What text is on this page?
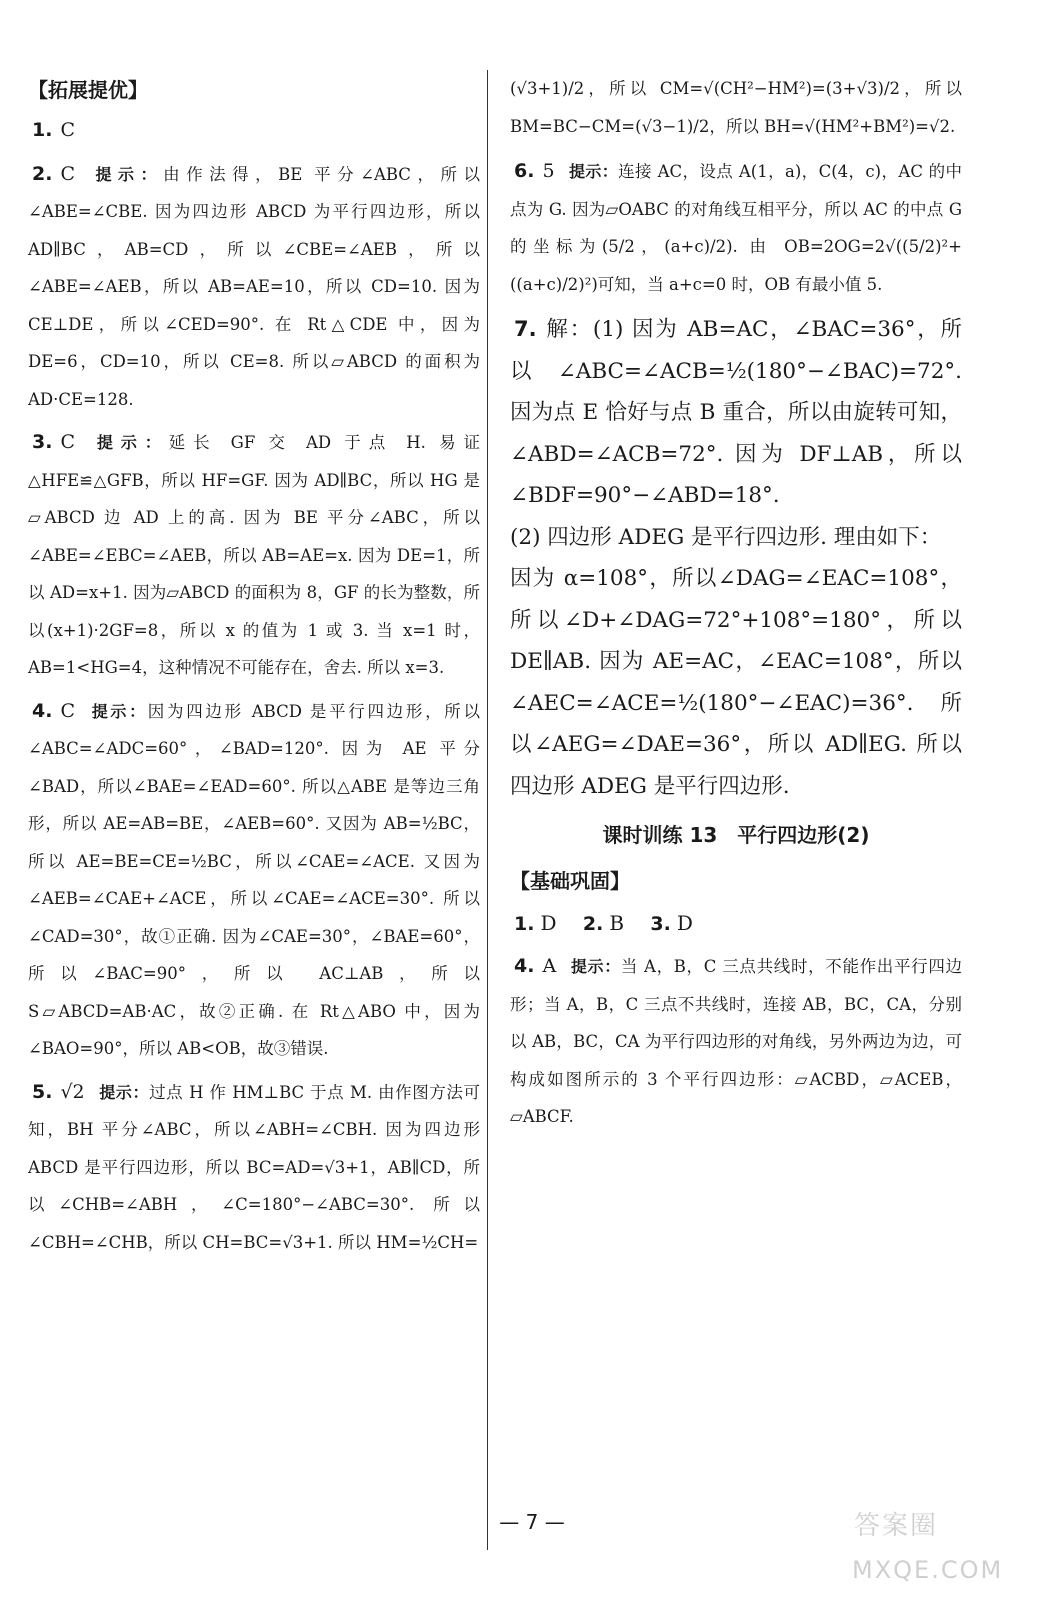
【拓展提优】
1. C
2. C 提示：由作法得，BE 平分∠ABC，所以∠ABE=∠CBE. 因为四边形 ABCD 为平行四边形，所以 AD∥BC，AB=CD，所以∠CBE=∠AEB，所以∠ABE=∠AEB，所以 AB=AE=10，所以 CD=10. 因为 CE⊥DE，所以∠CED=90°. 在 Rt△CDE 中，因为 DE=6，CD=10，所以 CE=8. 所以▱ABCD 的面积为 AD·CE=128.
3. C 提示：延长 GF 交 AD 于点 H. 易证△HFE≌△GFB，所以 HF=GF. 因为 AD∥BC，所以 HG 是▱ABCD 边 AD 上的高. 因为 BE 平分∠ABC，所以∠ABE=∠EBC=∠AEB，所以 AB=AE=x. 因为 DE=1，所以 AD=x+1. 因为▱ABCD 的面积为 8，GF 的长为整数，所以(x+1)·2GF=8，所以 x 的值为 1 或 3. 当 x=1 时，AB=1<HG=4，这种情况不可能存在，舍去. 所以 x=3.
4. C 提示：因为四边形 ABCD 是平行四边形，所以∠ABC=∠ADC=60°，∠BAD=120°. 因为 AE 平分∠BAD，所以∠BAE=∠EAD=60°. 所以△ABE 是等边三角形，所以 AE=AB=BE，∠AEB=60°. 又因为 AB=½BC，所以 AE=BE=CE=½BC，所以∠CAE=∠ACE. 又因为∠AEB=∠CAE+∠ACE，所以∠CAE=∠ACE=30°. 所以∠CAD=30°，故①正确. 因为∠CAE=30°，∠BAE=60°，所以∠BAC=90°，所以 AC⊥AB，所以 S▱ABCD=AB·AC，故②正确. 在 Rt△ABO 中，因为∠BAO=90°，所以 AB<OB，故③错误.
5. √2 提示：过点 H 作 HM⊥BC 于点 M. 由作图方法可知，BH 平分∠ABC，所以∠ABH=∠CBH. 因为四边形 ABCD 是平行四边形，所以 BC=AD=√3+1，AB∥CD，所以∠CHB=∠ABH，∠C=180°−∠ABC=30°. 所以∠CBH=∠CHB，所以 CH=BC=√3+1. 所以 HM=½CH=
(√3+1)/2，所以 CM=√(CH²−HM²)=(3+√3)/2，所以 BM=BC−CM=(√3−1)/2，所以 BH=√(HM²+BM²)=√2.
6. 5 提示：连接 AC，设点 A(1，a)，C(4，c)，AC 的中点为 G. 因为▱OABC 的对角线互相平分，所以 AC 的中点 G 的坐标为(5/2，(a+c)/2). 由 OB=2OG=2√((5/2)²+((a+c)/2)²)可知，当 a+c=0 时，OB 有最小值 5.
7. 解：(1) 因为 AB=AC，∠BAC=36°，所以∠ABC=∠ACB=½(180°−∠BAC)=72°. 因为点 E 恰好与点 B 重合，所以由旋转可知，∠ABD=∠ACB=72°. 因为 DF⊥AB，所以∠BDF=90°−∠ABD=18°.
(2) 四边形 ADEG 是平行四边形. 理由如下：
因为 α=108°，所以∠DAG=∠EAC=108°，所以∠D+∠DAG=72°+108°=180°，所以 DE∥AB. 因为 AE=AC，∠EAC=108°，所以∠AEC=∠ACE=½(180°−∠EAC)=36°. 所以∠AEG=∠DAE=36°，所以 AD∥EG. 所以四边形 ADEG 是平行四边形.
课时训练 13　平行四边形(2)
【基础巩固】
1. D 2. B 3. D
4. A 提示：当 A，B，C 三点共线时，不能作出平行四边形；当 A，B，C 三点不共线时，连接 AB，BC，CA，分别以 AB，BC，CA 为平行四边形的对角线，另外两边为边，可构成如图所示的 3 个平行四边形：▱ACBD，▱ACEB，▱ABCF.
— 7 —	答案圈
MXQE.COM
